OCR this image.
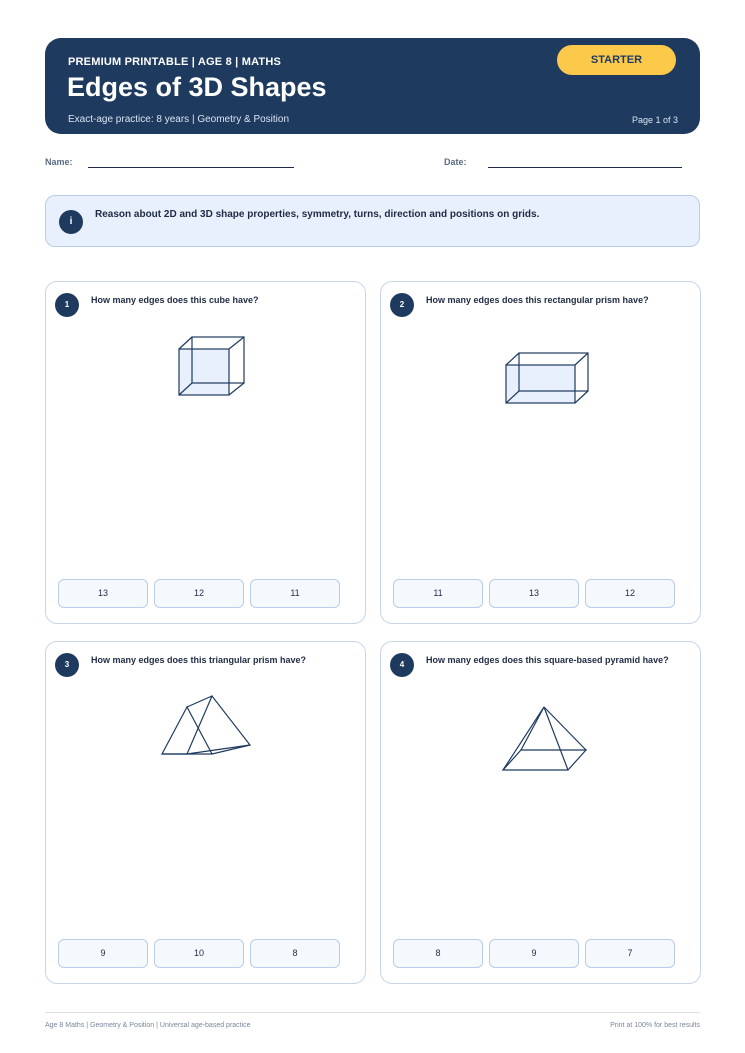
PREMIUM PRINTABLE | AGE 8 | MATHS
Edges of 3D Shapes
Exact-age practice: 8 years | Geometry & Position	Page 1 of 3
STARTER
Name:	Date:
i
Reason about 2D and 3D shape properties, symmetry, turns, direction and positions on grids.
1	How many edges does this cube have?
13	12	11
2	How many edges does this rectangular prism have?
11	13	12
3	How many edges does this triangular prism have?
9	10	8
4	How many edges does this square-based pyramid have?
8	9	7
Age 8 Maths | Geometry & Position | Universal age-based practice	Print at 100% for best results
